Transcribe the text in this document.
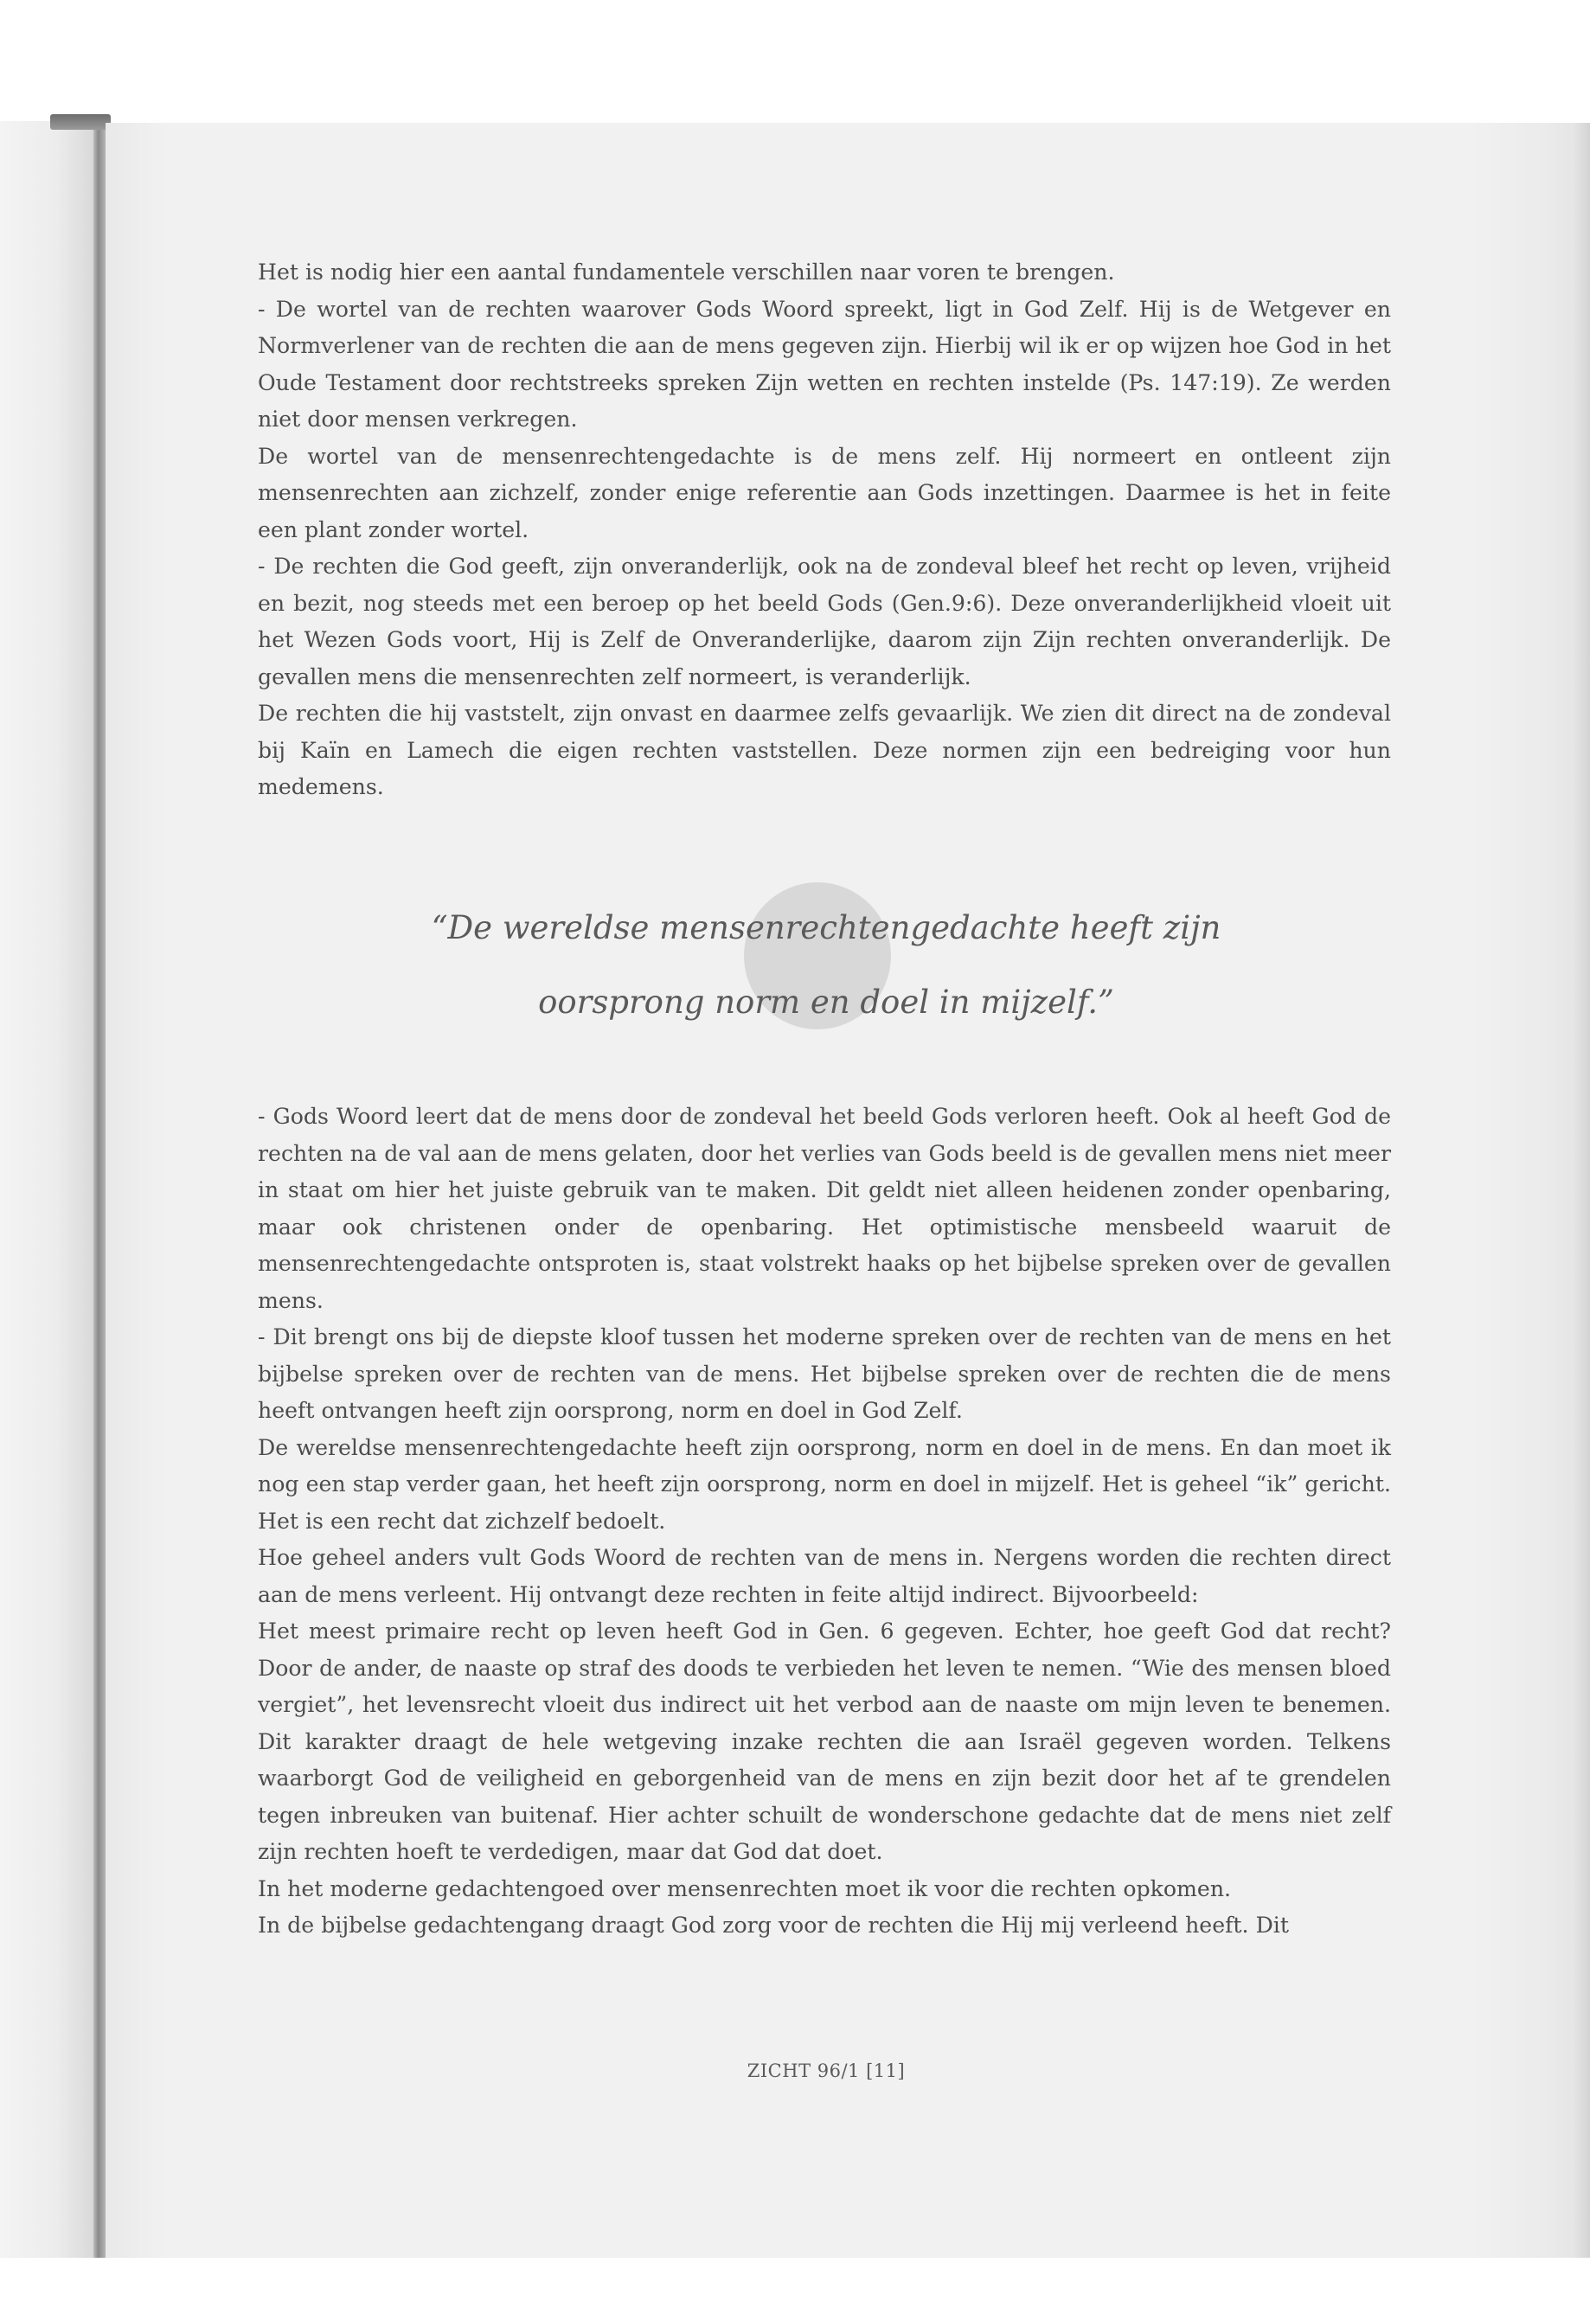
Het is nodig hier een aantal fundamentele verschillen naar voren te brengen.

- De wortel van de rechten waarover Gods Woord spreekt, ligt in God Zelf. Hij is de Wetgever en Normverlener van de rechten die aan de mens gegeven zijn. Hierbij wil ik er op wijzen hoe God in het Oude Testament door rechtstreeks spreken Zijn wetten en rechten instelde (Ps. 147:19). Ze werden niet door mensen verkregen.

De wortel van de mensenrechtengedachte is de mens zelf. Hij normeert en ontleent zijn mensenrechten aan zichzelf, zonder enige referentie aan Gods inzettingen. Daarmee is het in feite een plant zonder wortel.

- De rechten die God geeft, zijn onveranderlijk, ook na de zondeval bleef het recht op leven, vrijheid en bezit, nog steeds met een beroep op het beeld Gods (Gen.9:6). Deze onveranderlijkheid vloeit uit het Wezen Gods voort, Hij is Zelf de Onveranderlijke, daarom zijn Zijn rechten onveranderlijk. De gevallen mens die mensenrechten zelf normeert, is veranderlijk.

De rechten die hij vaststelt, zijn onvast en daarmee zelfs gevaarlijk. We zien dit direct na de zondeval bij Kaïn en Lamech die eigen rechten vaststellen. Deze normen zijn een bedreiging voor hun medemens.

“De wereldse mensenrechtengedachte heeft zijn

oorsprong norm en doel in mijzelf.”

- Gods Woord leert dat de mens door de zondeval het beeld Gods verloren heeft. Ook al heeft God de rechten na de val aan de mens gelaten, door het verlies van Gods beeld is de gevallen mens niet meer in staat om hier het juiste gebruik van te maken. Dit geldt niet alleen heidenen zonder openbaring, maar ook christenen onder de openbaring. Het optimistische mensbeeld waaruit de mensenrechtengedachte ontsproten is, staat volstrekt haaks op het bijbelse spreken over de gevallen mens.

- Dit brengt ons bij de diepste kloof tussen het moderne spreken over de rechten van de mens en het bijbelse spreken over de rechten van de mens. Het bijbelse spreken over de rechten die de mens heeft ontvangen heeft zijn oorsprong, norm en doel in God Zelf.

De wereldse mensenrechtengedachte heeft zijn oorsprong, norm en doel in de mens. En dan moet ik nog een stap verder gaan, het heeft zijn oorsprong, norm en doel in mijzelf. Het is geheel “ik” gericht. Het is een recht dat zichzelf bedoelt.

Hoe geheel anders vult Gods Woord de rechten van de mens in. Nergens worden die rechten direct aan de mens verleent. Hij ontvangt deze rechten in feite altijd indirect. Bijvoorbeeld:

Het meest primaire recht op leven heeft God in Gen. 6 gegeven. Echter, hoe geeft God dat recht? Door de ander, de naaste op straf des doods te verbieden het leven te nemen. “Wie des mensen bloed vergiet”, het levensrecht vloeit dus indirect uit het verbod aan de naaste om mijn leven te benemen. Dit karakter draagt de hele wetgeving inzake rechten die aan Israël gegeven worden. Telkens waarborgt God de veiligheid en geborgenheid van de mens en zijn bezit door het af te grendelen tegen inbreuken van buitenaf. Hier achter schuilt de wonderschone gedachte dat de mens niet zelf zijn rechten hoeft te verdedigen, maar dat God dat doet.

In het moderne gedachtengoed over mensenrechten moet ik voor die rechten opkomen.

In de bijbelse gedachtengang draagt God zorg voor de rechten die Hij mij verleend heeft. Dit

ZICHT 96/1 [11]
